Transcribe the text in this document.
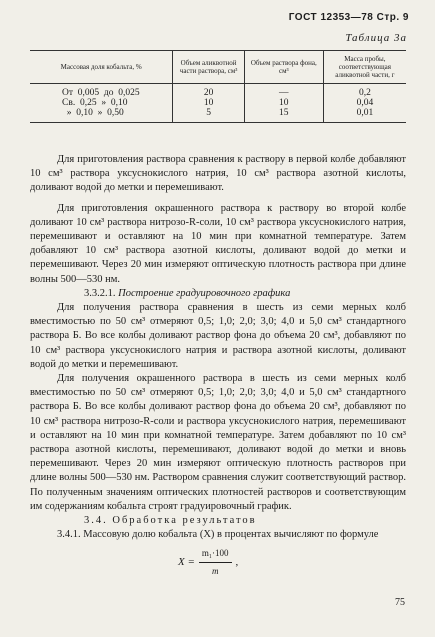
ГОСТ 12353—78 Стр. 9
Таблица 3а
Массовая доля кобальта, %	Объем аликвотной части раствора, см³	Объем раствора фона, см³	Масса пробы, соответствующая аликвотной части, г
От  0,005  до  0,025	20	—	0,2
Св.  0,25  »  0,10	10	10	0,04
»  0,10  »  0,50	5	15	0,01

Для приготовления раствора сравнения к раствору в первой колбе добавляют 10 см³ раствора уксуснокислого натрия, 10 см³ раствора азотной кислоты, доливают водой до метки и перемешивают.

Для приготовления окрашенного раствора к раствору во второй колбе доливают 10 см³ раствора нитрозо-R-соли, 10 см³ раствора уксуснокислого натрия, перемешивают и оставляют на 10 мин при комнатной температуре. Затем добавляют 10 см³ раствора азотной кислоты, доливают водой до метки и перемешивают. Через 20 мин измеряют оптическую плотность раствора при длине волны 500—530 нм.

3.3.2.1. Построение градуировочного графика

Для получения раствора сравнения в шесть из семи мерных колб вместимостью по 50 см³ отмеряют 0,5; 1,0; 2,0; 3,0; 4,0 и 5,0 см³ стандартного раствора Б. Во все колбы доливают раствор фона до объема 20 см³, добавляют по 10 см³ раствора уксуснокислого натрия и раствора азотной кислоты, доливают водой до метки и перемешивают.

Для получения окрашенного раствора в шесть из семи мерных колб вместимостью по 50 см³ отмеряют 0,5; 1,0; 2,0; 3,0; 4,0 и 5,0 см³ стандартного раствора Б. Во все колбы доливают раствор фона до объема 20 см³, добавляют по 10 см³ раствора нитрозо-R-соли и раствора уксуснокислого натрия, перемешивают и оставляют на 10 мин при комнатной температуре. Затем добавляют по 10 см³ раствора азотной кислоты, перемешивают, доливают водой до метки и вновь перемешивают. Через 20 мин измеряют оптическую плотность растворов при длине волны 500—530 нм. Раствором сравнения служит соответствующий раствор. По полученным значениям оптических плотностей растворов и соответствующим им содержаниям кобальта строят градуировочный график.

3.4. Обработка результатов

3.4.1. Массовую долю кобальта (X) в процентах вычисляют по формуле

$X = \frac{\text{m₁·100}}{m}$ ,
75
